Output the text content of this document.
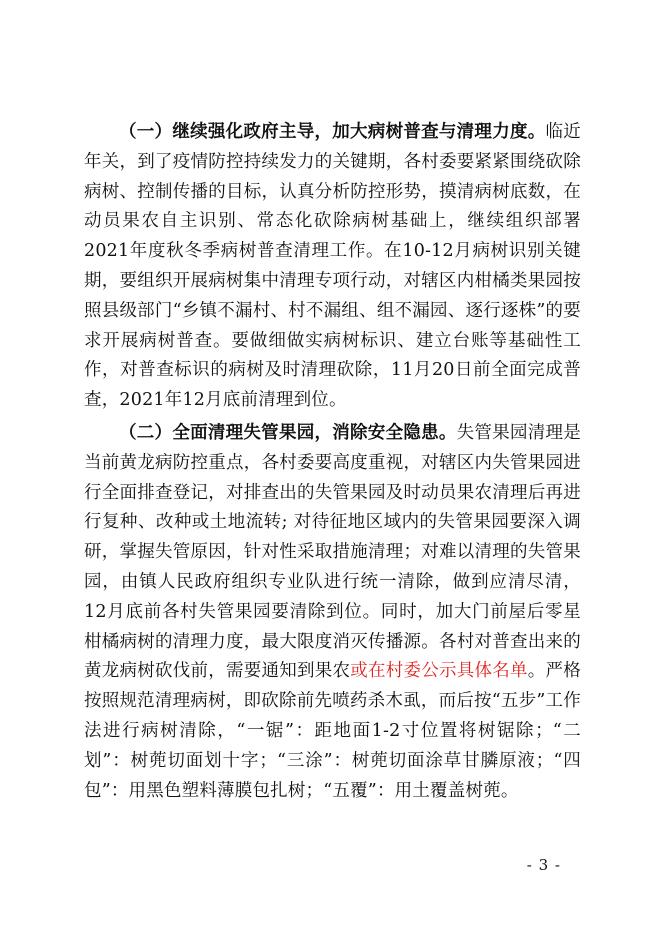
（一）继续强化政府主导，加大病树普查与清理力度。临近年关，到了疫情防控持续发力的关键期，各村委要紧紧围绕砍除病树、控制传播的目标，认真分析防控形势，摸清病树底数，在动员果农自主识别、常态化砍除病树基础上，继续组织部署2021年度秋冬季病树普查清理工作。在10-12月病树识别关键期，要组织开展病树集中清理专项行动，对辖区内柑橘类果园按照县级部门“乡镇不漏村、村不漏组、组不漏园、逐行逐株”的要求开展病树普查。要做细做实病树标识、建立台账等基础性工作，对普查标识的病树及时清理砍除，11月20日前全面完成普查，2021年12月底前清理到位。

（二）全面清理失管果园，消除安全隐患。失管果园清理是当前黄龙病防控重点，各村委要高度重视，对辖区内失管果园进行全面排查登记，对排查出的失管果园及时动员果农清理后再进行复种、改种或土地流转; 对待征地区域内的失管果园要深入调研，掌握失管原因，针对性采取措施清理；对难以清理的失管果园，由镇人民政府组织专业队进行统一清除，做到应清尽清，12月底前各村失管果园要清除到位。同时，加大门前屋后零星柑橘病树的清理力度，最大限度消灭传播源。各村对普查出来的黄龙病树砍伐前，需要通知到果农或在村委公示具体名单。严格按照规范清理病树，即砍除前先喷药杀木虱，而后按“五步”工作法进行病树清除，“一锯”：距地面1-2寸位置将树锯除；“二划”：树蔸切面划十字；“三涂”：树蔸切面涂草甘膦原液；“四包”：用黑色塑料薄膜包扎树；“五覆”：用土覆盖树蔸。

- 3 -
